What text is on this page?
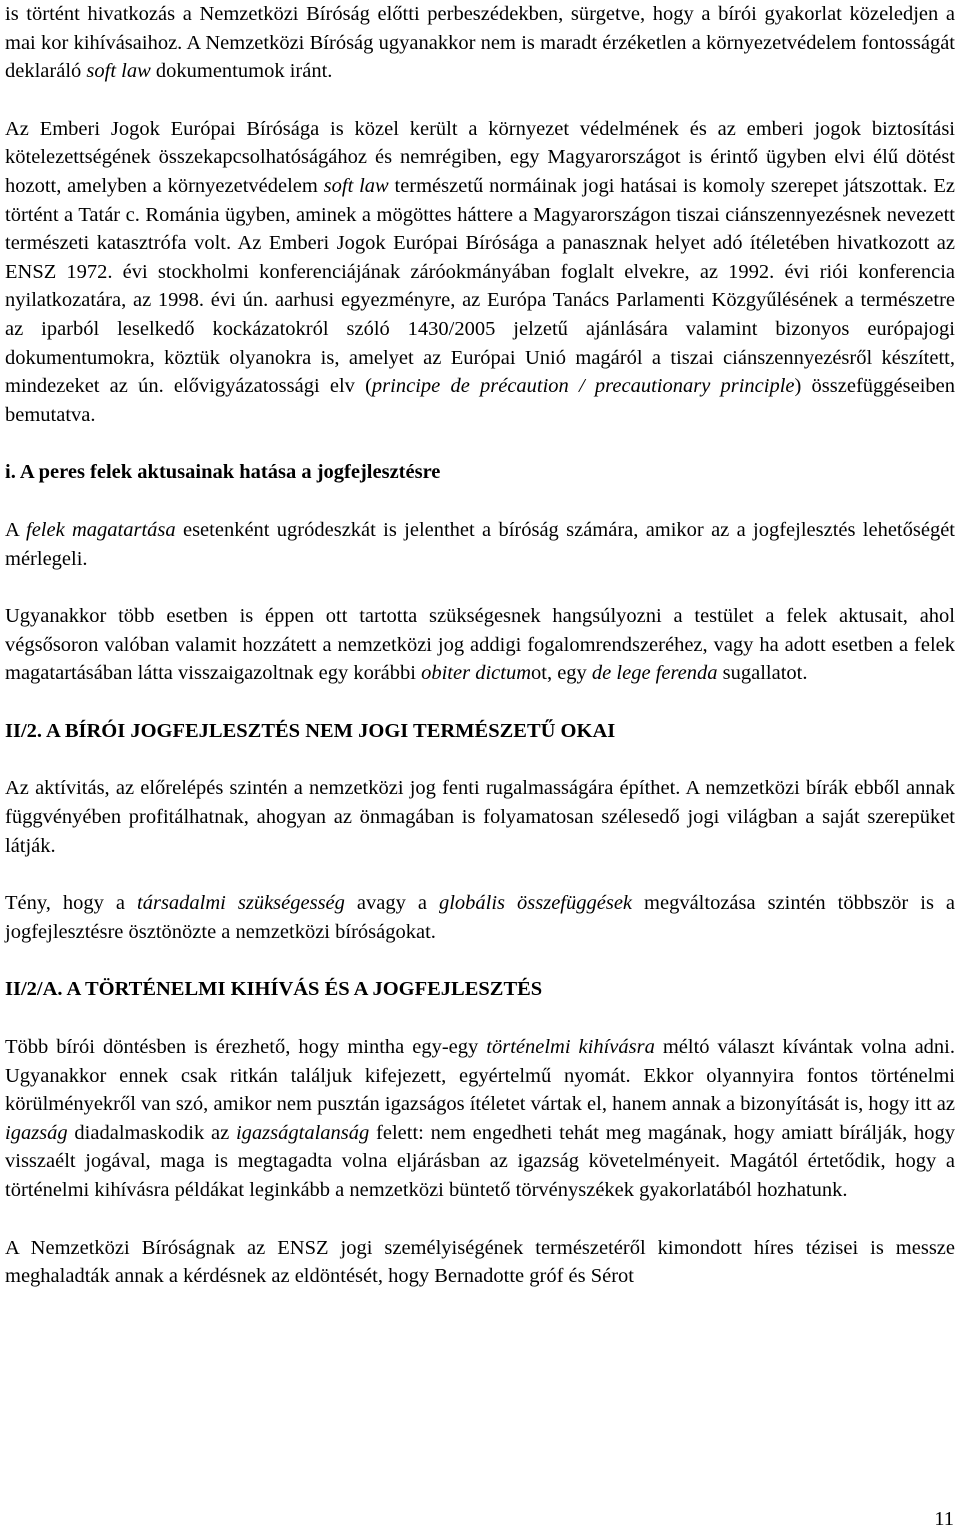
is történt hivatkozás a Nemzetközi Bíróság előtti perbeszédekben, sürgetve, hogy a bírói gyakorlat közeledjen a mai kor kihívásaihoz. A Nemzetközi Bíróság ugyanakkor nem is maradt érzéketlen a környezetvédelem fontosságát deklaráló soft law dokumentumok iránt.

Az Emberi Jogok Európai Bírósága is közel került a környezet védelmének és az emberi jogok biztosítási kötelezettségének összekapcsolhatóságához és nemrégiben, egy Magyarországot is érintő ügyben elvi élű dötést hozott, amelyben a környezetvédelem soft law természetű normáinak jogi hatásai is komoly szerepet játszottak. Ez történt a Tatár c. Románia ügyben, aminek a mögöttes háttere a Magyarországon tiszai ciánszennyezésnek nevezett természeti katasztrófa volt. Az Emberi Jogok Európai Bírósága a panasznak helyet adó ítéletében hivatkozott az ENSZ 1972. évi stockholmi konferenciájának záróokmányában foglalt elvekre, az 1992. évi riói konferencia nyilatkozatára, az 1998. évi ún. aarhusi egyezményre, az Európa Tanács Parlamenti Közgyűlésének a természetre az iparból leselkedő kockázatokról szóló 1430/2005 jelzetű ajánlására valamint bizonyos európajogi dokumentumokra, köztük olyanokra is, amelyet az Európai Unió magáról a tiszai ciánszennyezésről készített, mindezeket az ún. elővigyázatossági elv (principe de précaution / precautionary principle) összefüggéseiben bemutatva.

i. A peres felek aktusainak hatása a jogfejlesztésre

A felek magatartása esetenként ugródeszkát is jelenthet a bíróság számára, amikor az a jogfejlesztés lehetőségét mérlegeli.

Ugyanakkor több esetben is éppen ott tartotta szükségesnek hangsúlyozni a testület a felek aktusait, ahol végsősoron valóban valamit hozzátett a nemzetközi jog addigi fogalomrendszeréhez, vagy ha adott esetben a felek magatartásában látta visszaigazoltnak egy korábbi obiter dictumot, egy de lege ferenda sugallatot.

II/2. A BÍRÓI JOGFEJLESZTÉS NEM JOGI TERMÉSZETŰ OKAI

Az aktívitás, az előrelépés szintén a nemzetközi jog fenti rugalmasságára építhet. A nemzetközi bírák ebből annak függvényében profitálhatnak, ahogyan az önmagában is folyamatosan szélesedő jogi világban a saját szerepüket látják.

Tény, hogy a társadalmi szükségesség avagy a globális összefüggések megváltozása szintén többször is a jogfejlesztésre ösztönözte a nemzetközi bíróságokat.

II/2/A. A TÖRTÉNELMI KIHÍVÁS ÉS A JOGFEJLESZTÉS

Több bírói döntésben is érezhető, hogy mintha egy-egy történelmi kihívásra méltó választ kívántak volna adni. Ugyanakkor ennek csak ritkán találjuk kifejezett, egyértelmű nyomát. Ekkor olyannyira fontos történelmi körülményekről van szó, amikor nem pusztán igazságos ítéletet vártak el, hanem annak a bizonyítását is, hogy itt az igazság diadalmaskodik az igazságtalanság felett: nem engedheti tehát meg magának, hogy amiatt bírálják, hogy visszaélt jogával, maga is megtagadta volna eljárásban az igazság követelményeit. Magától értetődik, hogy a történelmi kihívásra példákat leginkább a nemzetközi büntető törvényszékek gyakorlatából hozhatunk.

A Nemzetközi Bíróságnak az ENSZ jogi személyiségének természetéről kimondott híres tézisei is messze meghaladták annak a kérdésnek az eldöntését, hogy Bernadotte gróf és Sérot

11
